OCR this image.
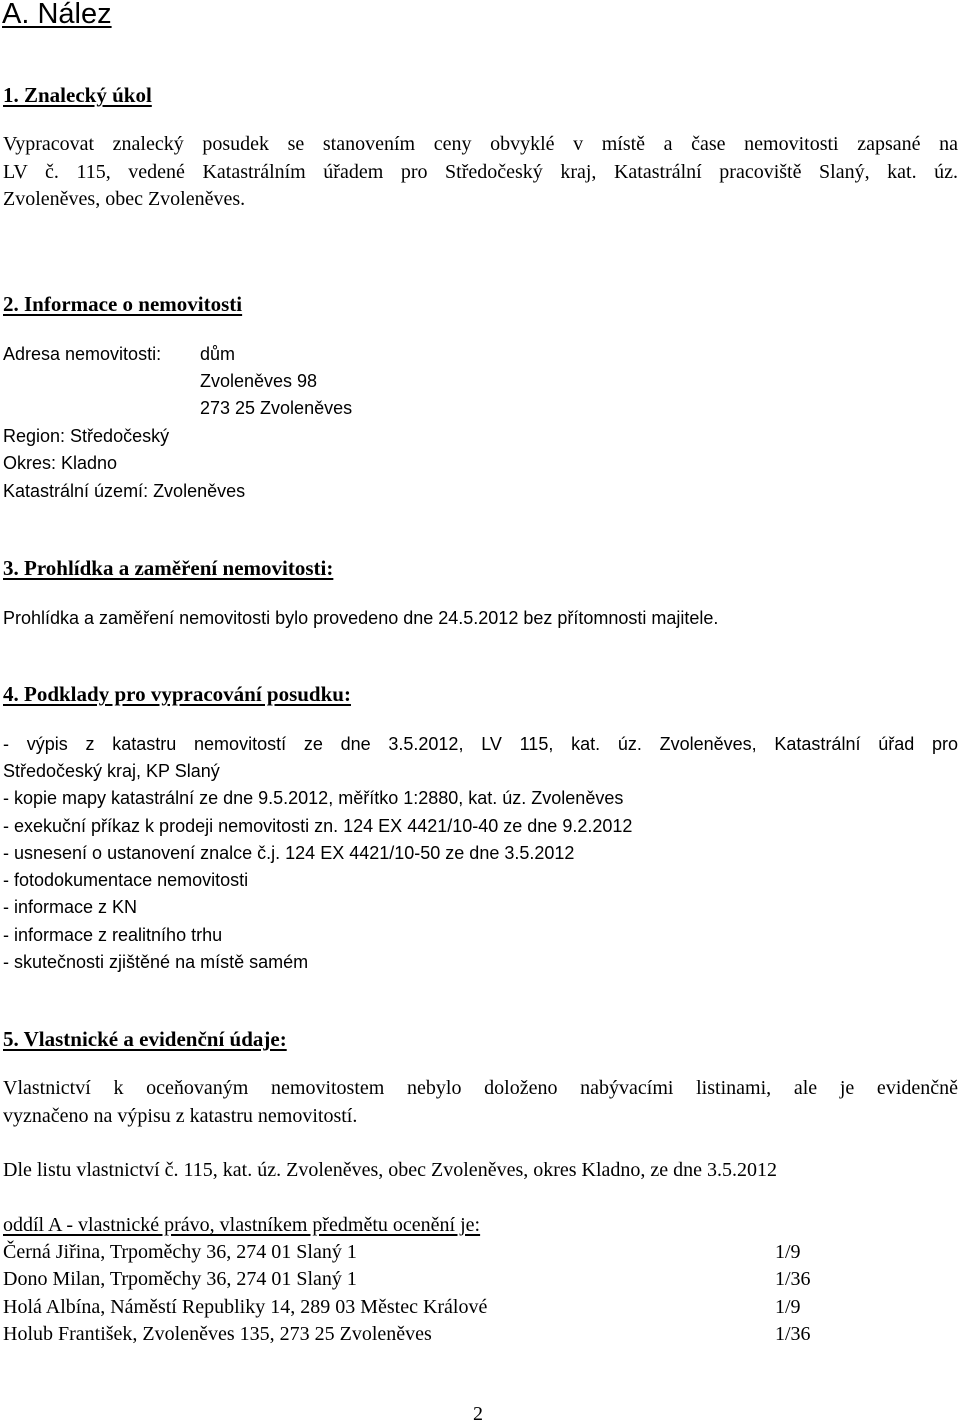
A. Nález
1. Znalecký úkol
Vypracovat znalecký posudek se stanovením ceny obvyklé v místě a čase nemovitosti zapsané na
LV č. 115, vedené Katastrálním úřadem pro Středočeský kraj, Katastrální pracoviště Slaný, kat. úz.
Zvoleněves, obec Zvoleněves.
2. Informace o nemovitosti
Adresa nemovitosti: dům
Zvoleněves 98
273 25 Zvoleněves
Region: Středočeský
Okres: Kladno
Katastrální území: Zvoleněves
3. Prohlídka a zaměření nemovitosti:
Prohlídka a zaměření nemovitosti bylo provedeno dne 24.5.2012 bez přítomnosti majitele.
4. Podklady pro vypracování posudku:
- výpis z katastru nemovitostí ze dne 3.5.2012, LV 115, kat. úz. Zvoleněves, Katastrální úřad pro
Středočeský kraj, KP Slaný
- kopie mapy katastrální ze dne 9.5.2012, měřítko 1:2880, kat. úz. Zvoleněves
- exekuční příkaz k prodeji nemovitosti zn. 124 EX 4421/10-40 ze dne 9.2.2012
- usnesení o ustanovení znalce č.j. 124 EX 4421/10-50 ze dne 3.5.2012
- fotodokumentace nemovitosti
- informace z KN
- informace z realitního trhu
- skutečnosti zjištěné na místě samém
5. Vlastnické a evidenční údaje:
Vlastnictví k oceňovaným nemovitostem nebylo doloženo nabývacími listinami, ale je evidenčně
vyznačeno na výpisu z katastru nemovitostí.
Dle listu vlastnictví č. 115, kat. úz. Zvoleněves, obec Zvoleněves, okres Kladno, ze dne 3.5.2012
oddíl A - vlastnické právo, vlastníkem předmětu ocenění je:
Černá Jiřina, Trpoměchy 36, 274 01 Slaný 1	1/9
Dono Milan, Trpoměchy 36, 274 01 Slaný 1	1/36
Holá Albína, Náměstí Republiky 14, 289 03 Městec Králové	1/9
Holub František, Zvoleněves 135, 273 25 Zvoleněves	1/36
2
